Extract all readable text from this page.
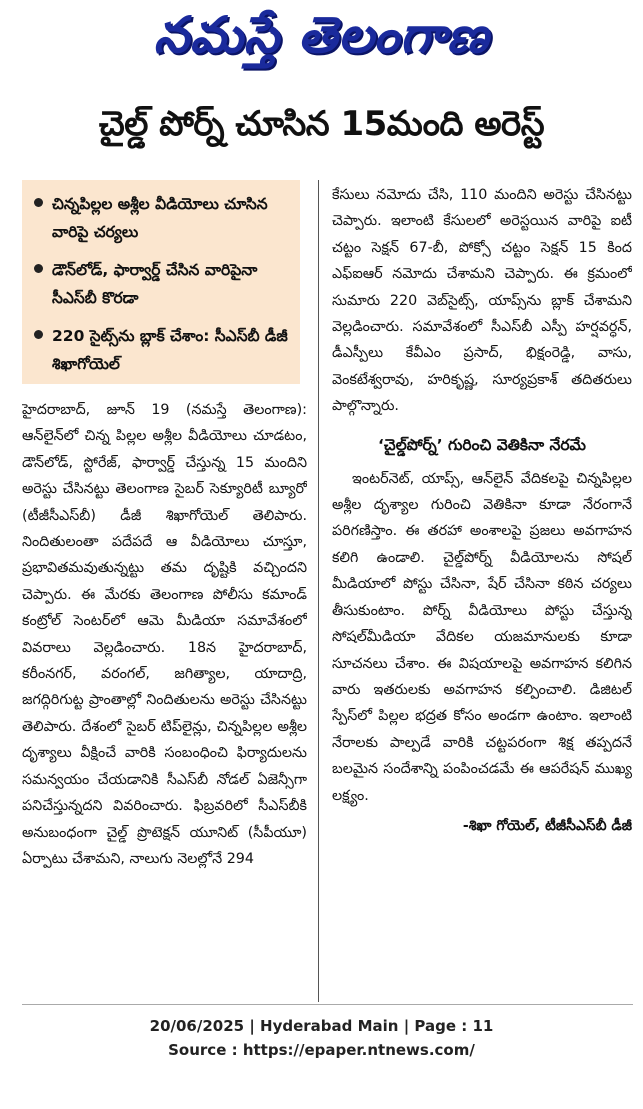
నమస్తే తెలంగాణ
చైల్డ్ పోర్న్ చూసిన 15మంది అరెస్ట్
చిన్నపిల్లల అశ్లీల వీడియోలు చూసిన వారిపై చర్యలు
డౌన్‌లోడ్, ఫార్వార్డ్ చేసిన వారిపైనా సీఎస్‌బీ కొరడా
220 సైట్స్‌ను బ్లాక్ చేశాం: సీఎస్‌బీ డీజీ శిఖాగోయెల్

హైదరాబాద్, జూన్ 19 (నమస్తే తెలంగాణ): ఆన్‌లైన్‌లో చిన్న పిల్లల అశ్లీల వీడియోలు చూడటం, డౌన్‌లోడ్, స్టోరేజ్, ఫార్వార్డ్ చేస్తున్న 15 మందిని అరెస్టు చేసినట్టు తెలంగాణ సైబర్ సెక్యూరిటీ బ్యూరో (టీజీసీఎస్‌బీ) డీజీ శిఖాగోయెల్ తెలిపారు. నిందితులంతా పదేపదే ఆ వీడియోలు చూస్తూ, ప్రభావితమవుతున్నట్టు తమ దృష్టికి వచ్చిందని చెప్పారు. ఈ మేరకు తెలంగాణ పోలీసు కమాండ్ కంట్రోల్ సెంటర్‌లో ఆమె మీడియా సమావేశంలో వివరాలు వెల్లడించారు. 18న హైదరాబాద్, కరీంనగర్, వరంగల్, జగిత్యాల, యాదాద్రి, జగద్గిరిగుట్ట ప్రాంతాల్లో నిందితులను అరెస్టు చేసినట్టు తెలిపారు. దేశంలో సైబర్ టిప్‌లైన్లు, చిన్నపిల్లల అశ్లీల దృశ్యాలు వీక్షించే వారికి సంబంధించి ఫిర్యాదులను సమన్వయం చేయడానికి సీఎస్‌బీ నోడల్ ఏజెన్సీగా పనిచేస్తున్నదని వివరించారు. ఫిబ్రవరిలో సీఎస్‌బీకి అనుబంధంగా చైల్డ్ ప్రొటెక్షన్ యూనిట్ (సీపీయూ) ఏర్పాటు చేశామని, నాలుగు నెలల్లోనే 294

కేసులు నమోదు చేసి, 110 మందిని అరెస్టు చేసినట్టు చెప్పారు. ఇలాంటి కేసులలో అరెస్టయిన వారిపై ఐటీ చట్టం సెక్షన్ 67-బీ, పోక్సో చట్టం సెక్షన్ 15 కింద ఎఫ్‌ఐఆర్ నమోదు చేశామని చెప్పారు. ఈ క్రమంలో సుమారు 220 వెబ్‌సైట్స్, యాప్స్‌ను బ్లాక్ చేశామని వెల్లడించారు. సమావేశంలో సీఎస్‌బీ ఎస్పీ హర్షవర్ధన్, డీఎస్పీలు కేవీఎం ప్రసాద్, భిక్షంరెడ్డి, వాసు, వెంకటేశ్వరావు, హరికృష్ణ, సూర్యప్రకాశ్ తదితరులు పాల్గొన్నారు.

‘చైల్డ్‌పోర్న్’ గురించి వెతికినా నేరమే

ఇంటర్‌నెట్, యాప్స్, ఆన్‌లైన్ వేదికలపై చిన్నపిల్లల అశ్లీల దృశ్యాల గురించి వెతికినా కూడా నేరంగానే పరిగణిస్తాం. ఈ తరహా అంశాలపై ప్రజలు అవగాహన కలిగి ఉండాలి. చైల్డ్‌పోర్న్ వీడియోలను సోషల్ మీడియాలో పోస్టు చేసినా, షేర్ చేసినా కఠిన చర్యలు తీసుకుంటాం. పోర్న్ వీడియోలు పోస్టు చేస్తున్న సోషల్‌మీడియా వేదికల యజమానులకు కూడా సూచనలు చేశాం. ఈ విషయాలపై అవగాహన కలిగిన వారు ఇతరులకు అవగాహన కల్పించాలి. డిజిటల్ స్పేస్‌లో పిల్లల భద్రత కోసం అండగా ఉంటాం. ఇలాంటి నేరాలకు పాల్పడే వారికి చట్టపరంగా శిక్ష తప్పదనే బలమైన సందేశాన్ని పంపించడమే ఈ ఆపరేషన్ ముఖ్య లక్ష్యం.

-శిఖా గోయెల్, టీజీసీఎస్‌బీ డీజీ
20/06/2025 | Hyderabad Main | Page : 11
Source : https://epaper.ntnews.com/
